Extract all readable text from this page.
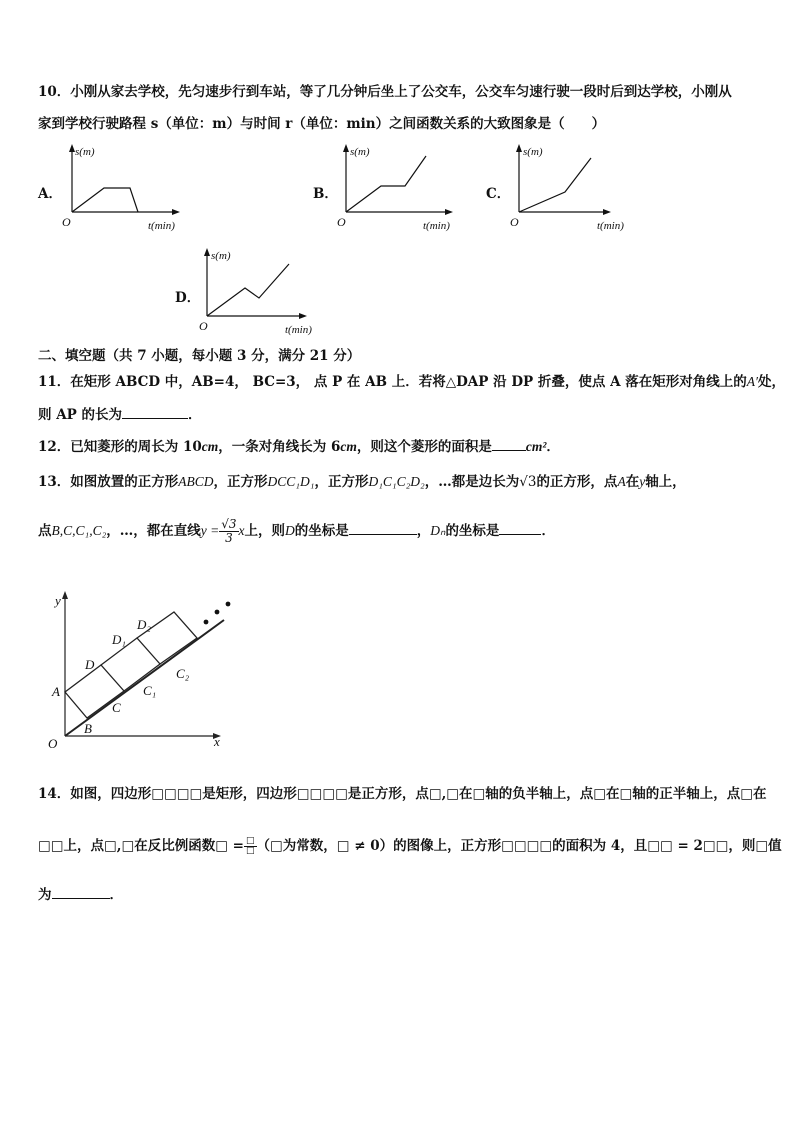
10．小刚从家去学校，先匀速步行到车站，等了几分钟后坐上了公交车，公交车匀速行驶一段时后到达学校，小刚从
家到学校行驶路程 s（单位：m）与时间 r（单位：min）之间函数关系的大致图象是（　　）
A．
s(m)
t(min)
O
B．
s(m)
t(min)
O
C．
s(m)
t(min)
O
D．
s(m)
t(min)
O
二、填空题（共 7 小题，每小题 3 分，满分 21 分）
11．在矩形 ABCD 中，AB=4， BC=3， 点 P 在 AB 上．若将△DAP 沿 DP 折叠，使点 A 落在矩形对角线上的A′处，
则 AP 的长为	．
12．已知菱形的周长为 10cm，一条对角线长为 6cm，则这个菱形的面积是	cm²．
13．如图放置的正方形ABCD，正方形DCC₁D₁，正方形D₁C₁C₂D₂，…都是边长为√3的正方形，点A在y轴上，
点B,C,C₁,C₂，…，都在直线$y = \frac{√3}{3}$ x上，则D的坐标是	，Dₙ的坐标是	．
y
x
O
A
B
C
D
C₁
C₂
D₁
D₂
14．如图，四边形□□□□是矩形，四边形□□□□是正方形，点□,□在□轴的负半轴上，点□在□轴的正半轴上，点□在
□□上，点□,□在反比例函数□ = $\frac{□}{□}$ （□为常数，□ ≠ 0）的图像上，正方形□□□□的面积为 4，且□□ = 2□□，则□值
为	．
